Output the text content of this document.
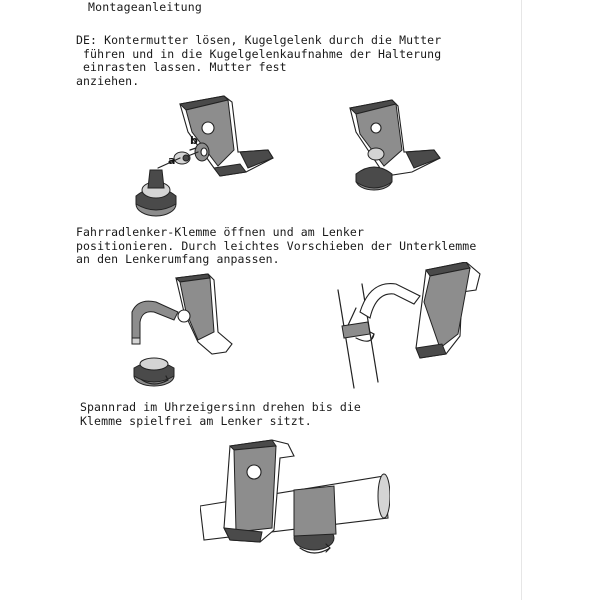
Montageanleitung
DE: Kontermutter lösen, Kugelgelenk durch die Mutter
führen und in die Kugelgelenkaufnahme der Halterung
einrasten lassen. Mutter fest
anziehen.
a
b
Fahrradlenker-Klemme öffnen und am Lenker
positionieren. Durch leichtes Vorschieben der Unterklemme
an den Lenkerumfang anpassen.
Spannrad im Uhrzeigersinn drehen bis die
Klemme spielfrei am Lenker sitzt.
